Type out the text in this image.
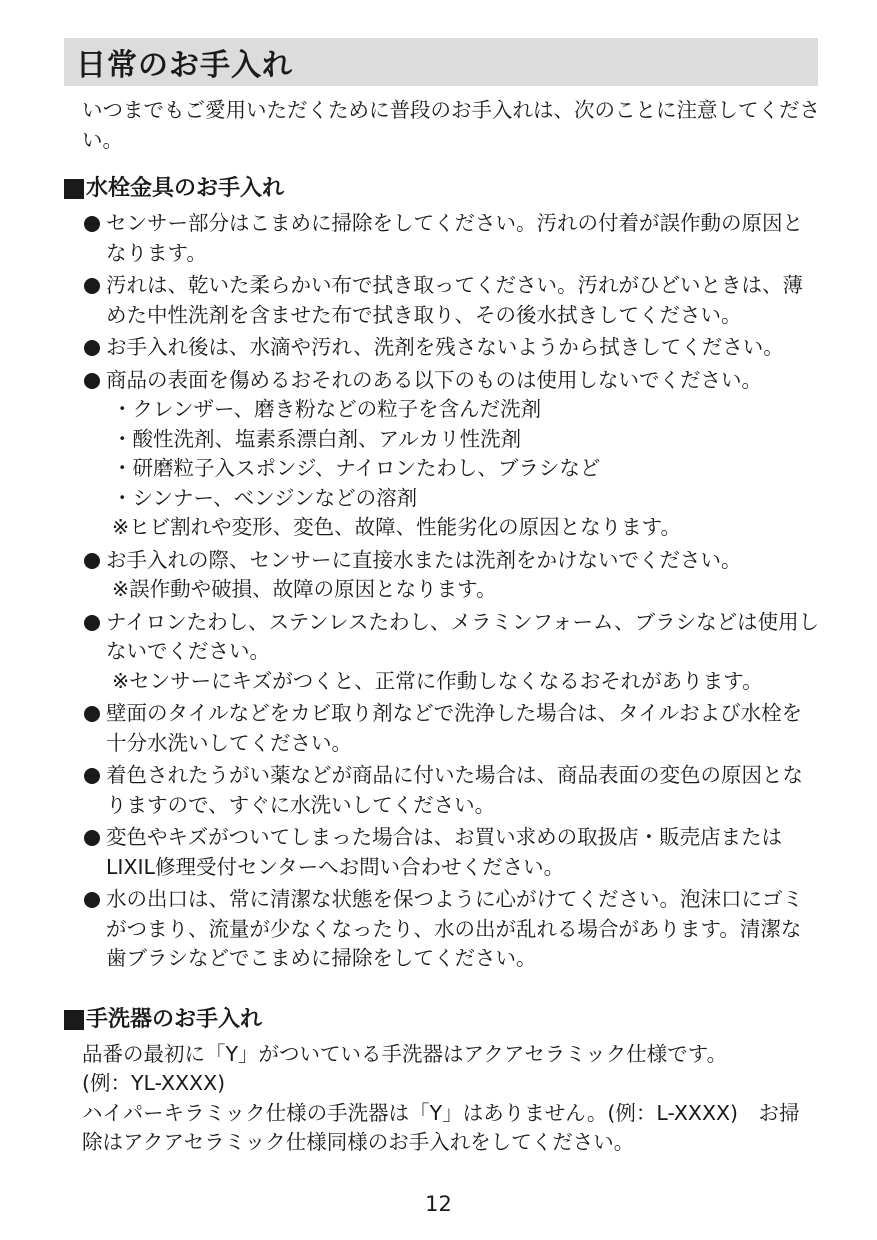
日常のお手入れ

いつまでもご愛用いただくために普段のお手入れは、次のことに注意してください。

水栓金具のお手入れ
センサー部分はこまめに掃除をしてください。汚れの付着が誤作動の原因となります。
汚れは、乾いた柔らかい布で拭き取ってください。汚れがひどいときは、薄めた中性洗剤を含ませた布で拭き取り、その後水拭きしてください。
お手入れ後は、水滴や汚れ、洗剤を残さないようから拭きしてください。
商品の表面を傷めるおそれのある以下のものは使用しないでください。
・クレンザー、磨き粉などの粒子を含んだ洗剤
・酸性洗剤、塩素系漂白剤、アルカリ性洗剤
・研磨粒子入スポンジ、ナイロンたわし、ブラシなど
・シンナー、ベンジンなどの溶剤
※ヒビ割れや変形、変色、故障、性能劣化の原因となります。
お手入れの際、センサーに直接水または洗剤をかけないでください。
※誤作動や破損、故障の原因となります。
ナイロンたわし、ステンレスたわし、メラミンフォーム、ブラシなどは使用しないでください。
※センサーにキズがつくと、正常に作動しなくなるおそれがあります。
壁面のタイルなどをカビ取り剤などで洗浄した場合は、タイルおよび水栓を十分水洗いしてください。
着色されたうがい薬などが商品に付いた場合は、商品表面の変色の原因となりますので、すぐに水洗いしてください。
変色やキズがついてしまった場合は、お買い求めの取扱店・販売店またはLIXIL修理受付センターへお問い合わせください。
水の出口は、常に清潔な状態を保つように心がけてください。泡沫口にゴミがつまり、流量が少なくなったり、水の出が乱れる場合があります。清潔な歯ブラシなどでこまめに掃除をしてください。
手洗器のお手入れ

品番の最初に「Y」がついている手洗器はアクアセラミック仕様です。
(例：YL-XXXX)
ハイパーキラミック仕様の手洗器は「Y」はありません。(例：L-XXXX)　お掃除はアクアセラミック仕様同様のお手入れをしてください。

12
